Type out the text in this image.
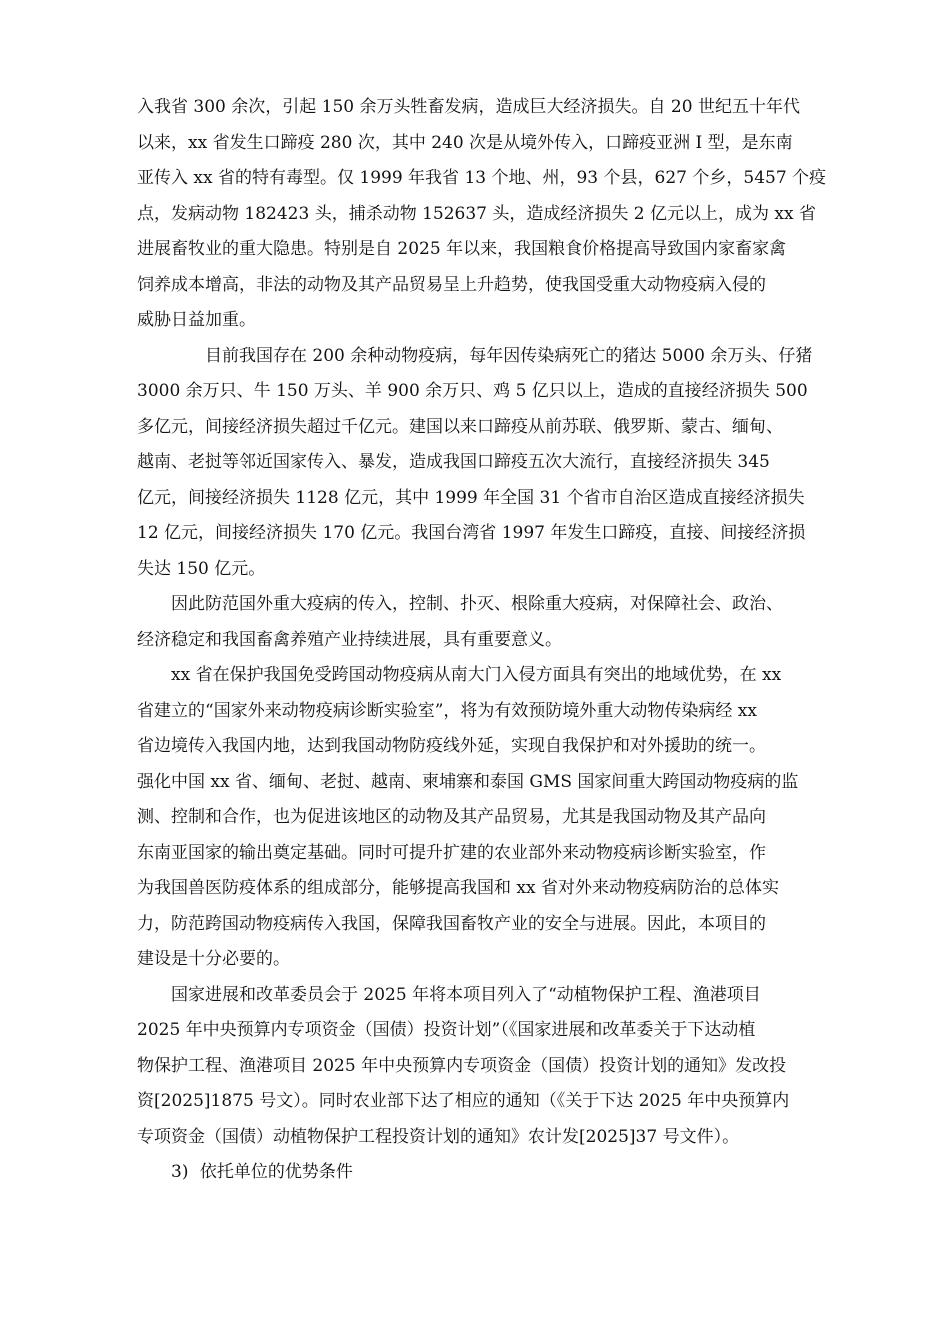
入我省 300 余次，引起 150 余万头牲畜发病，造成巨大经济损失。自 20 世纪五十年代
以来，xx 省发生口蹄疫 280 次，其中 240 次是从境外传入，口蹄疫亚洲 I 型，是东南
亚传入 xx 省的特有毒型。仅 1999 年我省 13 个地、州，93 个县，627 个乡，5457 个疫
点，发病动物 182423 头，捕杀动物 152637 头，造成经济损失 2 亿元以上，成为 xx 省
进展畜牧业的重大隐患。特别是自 2025 年以来，我国粮食价格提高导致国内家畜家禽
饲养成本增高，非法的动物及其产品贸易呈上升趋势，使我国受重大动物疫病入侵的
威胁日益加重。
目前我国存在 200 余种动物疫病，每年因传染病死亡的猪达 5000 余万头、仔猪
3000 余万只、牛 150 万头、羊 900 余万只、鸡 5 亿只以上，造成的直接经济损失 500
多亿元，间接经济损失超过千亿元。建国以来口蹄疫从前苏联、俄罗斯、蒙古、缅甸、
越南、老挝等邻近国家传入、暴发，造成我国口蹄疫五次大流行，直接经济损失 345
亿元，间接经济损失 1128 亿元，其中 1999 年全国 31 个省市自治区造成直接经济损失
12 亿元，间接经济损失 170 亿元。我国台湾省 1997 年发生口蹄疫，直接、间接经济损
失达 150 亿元。
因此防范国外重大疫病的传入，控制、扑灭、根除重大疫病，对保障社会、政治、
经济稳定和我国畜禽养殖产业持续进展，具有重要意义。
xx 省在保护我国免受跨国动物疫病从南大门入侵方面具有突出的地域优势，在 xx
省建立的“国家外来动物疫病诊断实验室”，将为有效预防境外重大动物传染病经 xx
省边境传入我国内地，达到我国动物防疫线外延，实现自我保护和对外援助的统一。
强化中国 xx 省、缅甸、老挝、越南、柬埔寨和泰国 GMS 国家间重大跨国动物疫病的监
测、控制和合作，也为促进该地区的动物及其产品贸易，尤其是我国动物及其产品向
东南亚国家的输出奠定基础。同时可提升扩建的农业部外来动物疫病诊断实验室，作
为我国兽医防疫体系的组成部分，能够提高我国和 xx 省对外来动物疫病防治的总体实
力，防范跨国动物疫病传入我国，保障我国畜牧产业的安全与进展。因此，本项目的
建设是十分必要的。
国家进展和改革委员会于 2025 年将本项目列入了“动植物保护工程、渔港项目
2025 年中央预算内专项资金（国债）投资计划”（《国家进展和改革委关于下达动植
物保护工程、渔港项目 2025 年中央预算内专项资金（国债）投资计划的通知》发改投
资[2025]1875 号文）。同时农业部下达了相应的通知（《关于下达 2025 年中央预算内
专项资金（国债）动植物保护工程投资计划的通知》农计发[2025]37 号文件）。
3) 依托单位的优势条件
